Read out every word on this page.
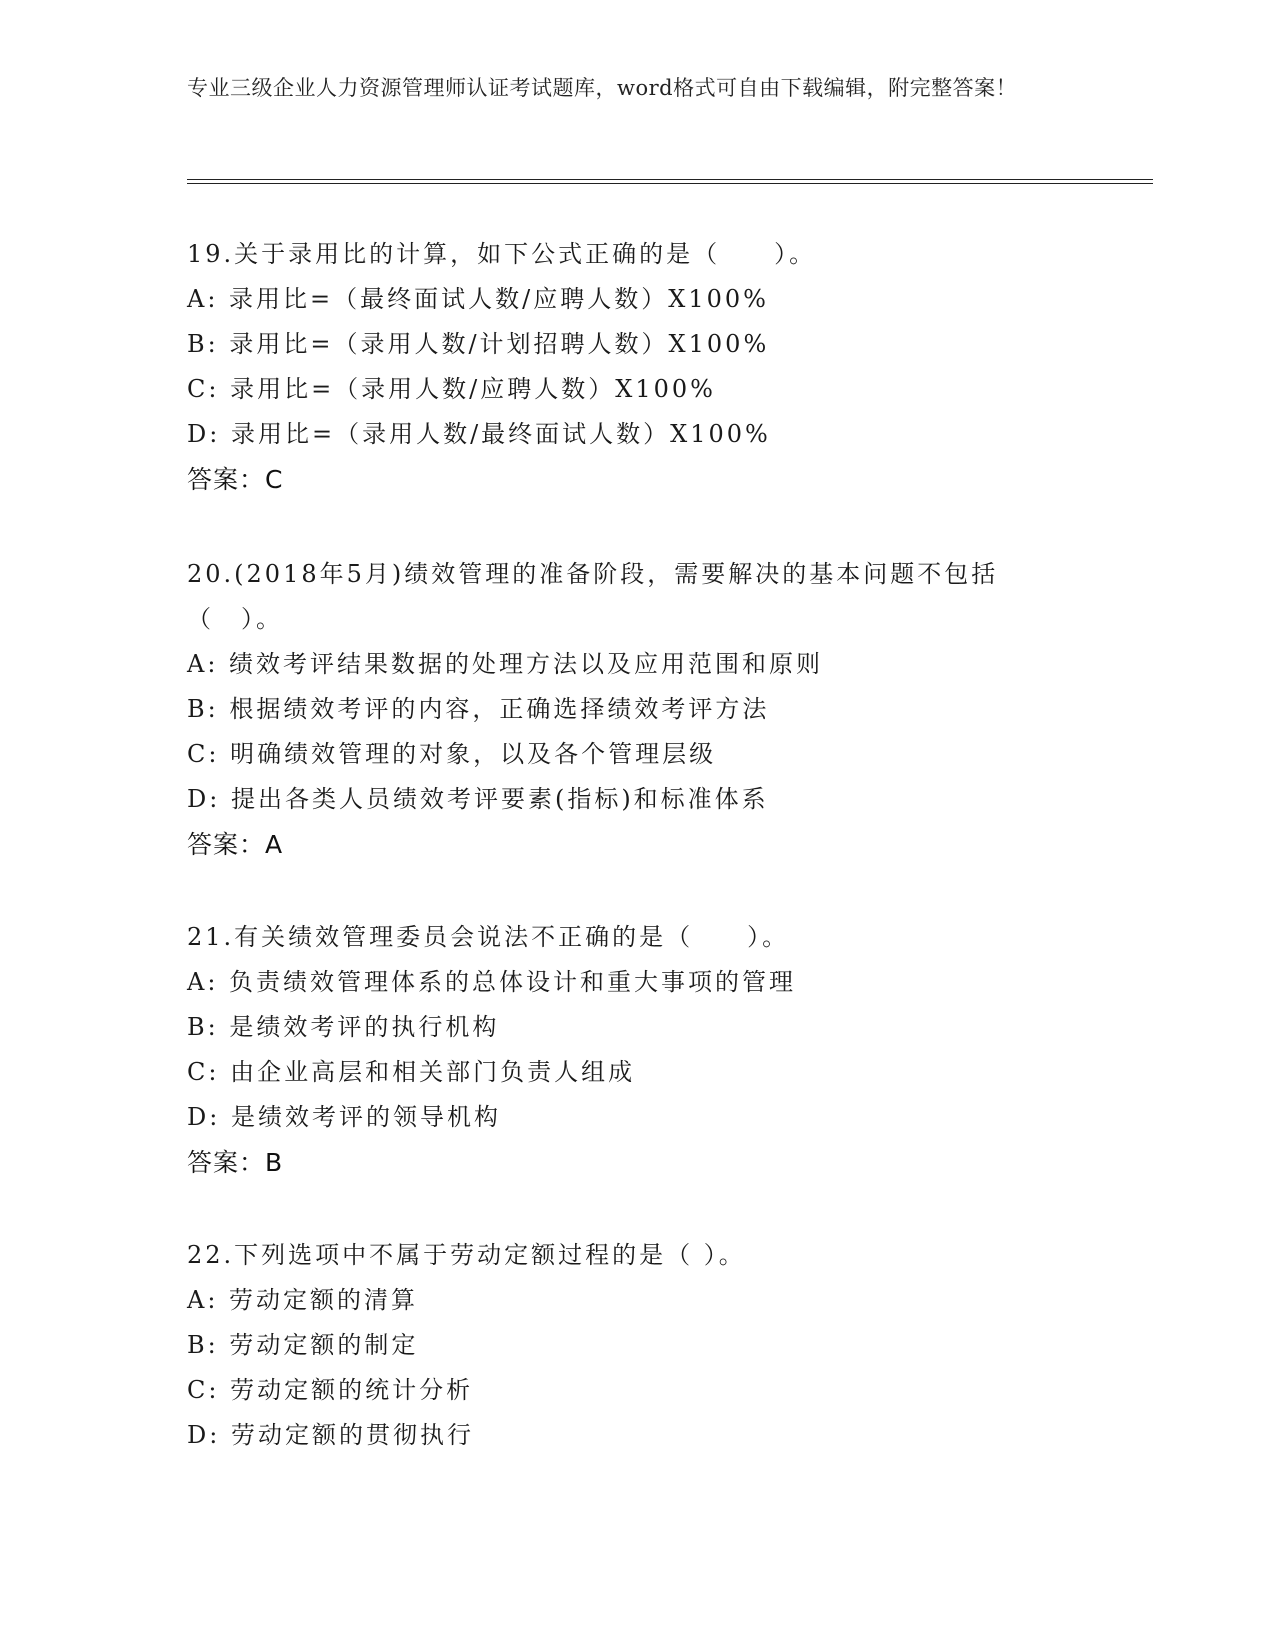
专业三级企业人力资源管理师认证考试题库，word格式可自由下载编辑，附完整答案！

19.关于录用比的计算，如下公式正确的是（　　）。

A: 录用比=（最终面试人数/应聘人数）X100%

B: 录用比=（录用人数/计划招聘人数）X100%

C: 录用比=（录用人数/应聘人数）X100%

D: 录用比=（录用人数/最终面试人数）X100%

答案：C

20.(2018年5月)绩效管理的准备阶段，需要解决的基本问题不包括（　）。

A: 绩效考评结果数据的处理方法以及应用范围和原则

B: 根据绩效考评的内容，正确选择绩效考评方法

C: 明确绩效管理的对象，以及各个管理层级

D: 提出各类人员绩效考评要素(指标)和标准体系

答案：A

21.有关绩效管理委员会说法不正确的是（　　）。

A: 负责绩效管理体系的总体设计和重大事项的管理

B: 是绩效考评的执行机构

C: 由企业高层和相关部门负责人组成

D: 是绩效考评的领导机构

答案：B

22.下列选项中不属于劳动定额过程的是（ ）。

A: 劳动定额的清算

B: 劳动定额的制定

C: 劳动定额的统计分析

D: 劳动定额的贯彻执行
